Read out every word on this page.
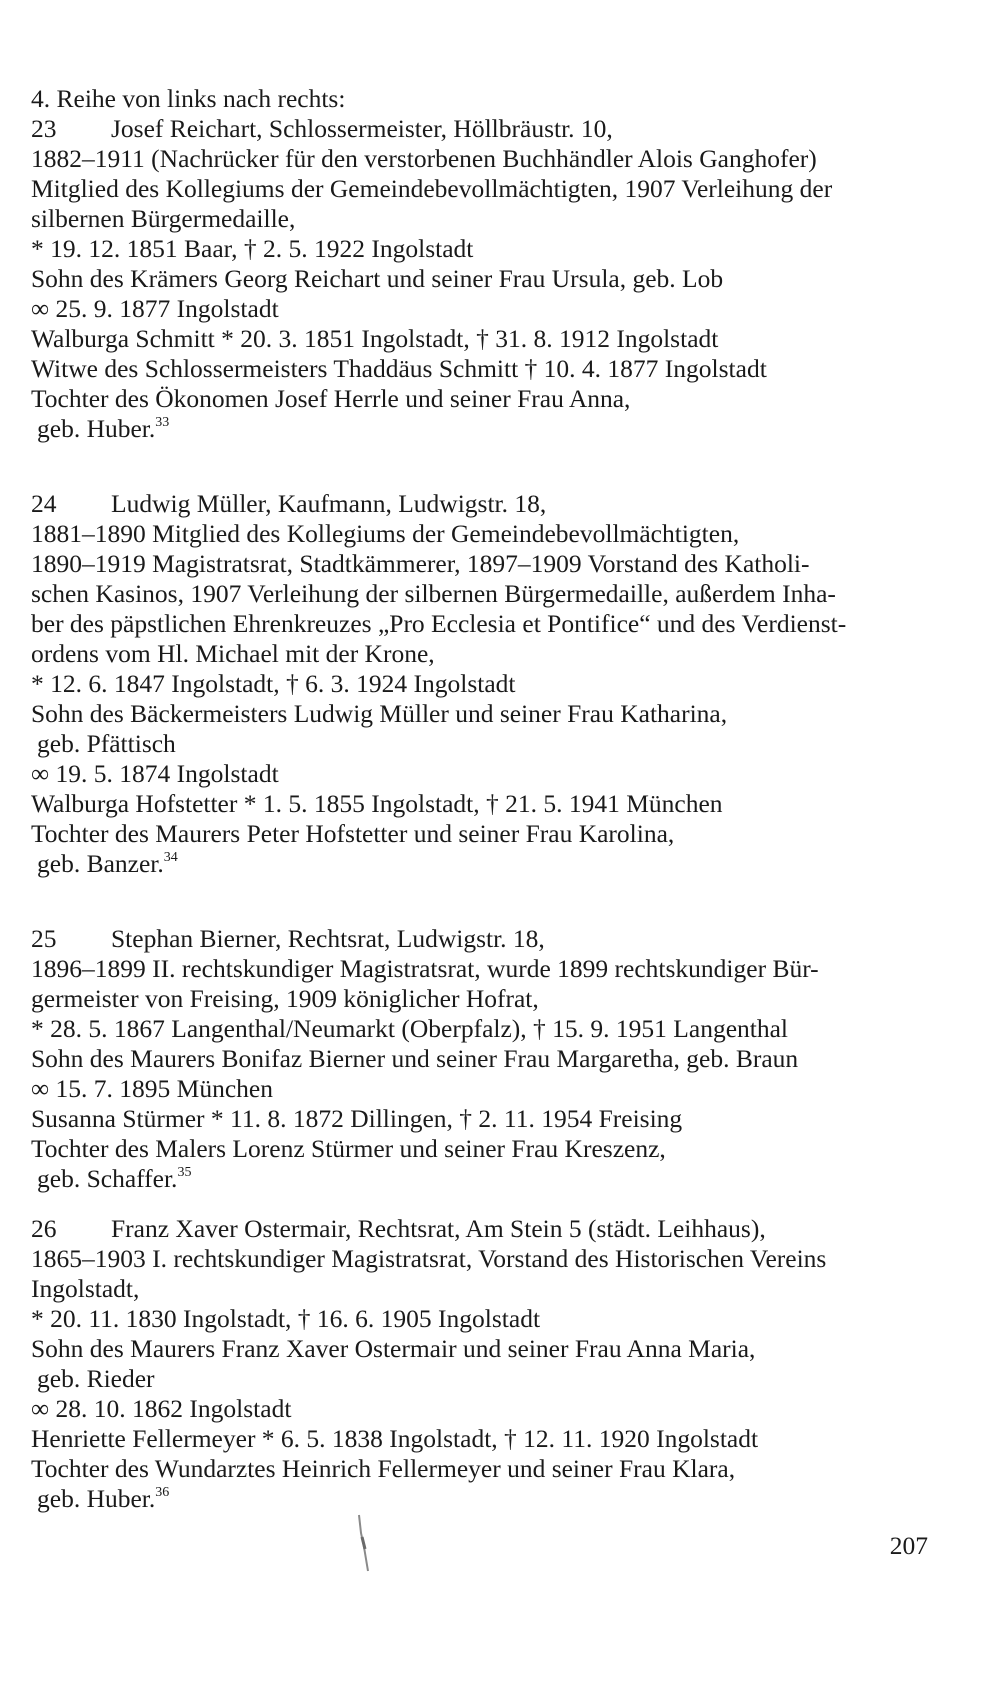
4. Reihe von links nach rechts:
23 Josef Reichart, Schlossermeister, Höllbräustr. 10,
1882–1911 (Nachrücker für den verstorbenen Buchhändler Alois Ganghofer)
Mitglied des Kollegiums der Gemeindebevollmächtigten, 1907 Verleihung der
silbernen Bürgermedaille,
* 19. 12. 1851 Baar, † 2. 5. 1922 Ingolstadt
Sohn des Krämers Georg Reichart und seiner Frau Ursula, geb. Lob
∞ 25. 9. 1877 Ingolstadt
Walburga Schmitt * 20. 3. 1851 Ingolstadt, † 31. 8. 1912 Ingolstadt
Witwe des Schlossermeisters Thaddäus Schmitt † 10. 4. 1877 Ingolstadt
Tochter des Ökonomen Josef Herrle und seiner Frau Anna,
geb. Huber.$^{33}$
24 Ludwig Müller, Kaufmann, Ludwigstr. 18,
1881–1890 Mitglied des Kollegiums der Gemeindebevollmächtigten,
1890–1919 Magistratsrat, Stadtkämmerer, 1897–1909 Vorstand des Katholi-
schen Kasinos, 1907 Verleihung der silbernen Bürgermedaille, außerdem Inha-
ber des päpstlichen Ehrenkreuzes „Pro Ecclesia et Pontifice“ und des Verdienst-
ordens vom Hl. Michael mit der Krone,
* 12. 6. 1847 Ingolstadt, † 6. 3. 1924 Ingolstadt
Sohn des Bäckermeisters Ludwig Müller und seiner Frau Katharina,
geb. Pfättisch
∞ 19. 5. 1874 Ingolstadt
Walburga Hofstetter * 1. 5. 1855 Ingolstadt, † 21. 5. 1941 München
Tochter des Maurers Peter Hofstetter und seiner Frau Karolina,
geb. Banzer.$^{34}$
25 Stephan Bierner, Rechtsrat, Ludwigstr. 18,
1896–1899 II. rechtskundiger Magistratsrat, wurde 1899 rechtskundiger Bür-
germeister von Freising, 1909 königlicher Hofrat,
* 28. 5. 1867 Langenthal/Neumarkt (Oberpfalz), † 15. 9. 1951 Langenthal
Sohn des Maurers Bonifaz Bierner und seiner Frau Margaretha, geb. Braun
∞ 15. 7. 1895 München
Susanna Stürmer * 11. 8. 1872 Dillingen, † 2. 11. 1954 Freising
Tochter des Malers Lorenz Stürmer und seiner Frau Kreszenz,
geb. Schaffer.$^{35}$
26 Franz Xaver Ostermair, Rechtsrat, Am Stein 5 (städt. Leihhaus),
1865–1903 I. rechtskundiger Magistratsrat, Vorstand des Historischen Vereins
Ingolstadt,
* 20. 11. 1830 Ingolstadt, † 16. 6. 1905 Ingolstadt
Sohn des Maurers Franz Xaver Ostermair und seiner Frau Anna Maria,
geb. Rieder
∞ 28. 10. 1862 Ingolstadt
Henriette Fellermeyer * 6. 5. 1838 Ingolstadt, † 12. 11. 1920 Ingolstadt
Tochter des Wundarztes Heinrich Fellermeyer und seiner Frau Klara,
geb. Huber.$^{36}$
207
